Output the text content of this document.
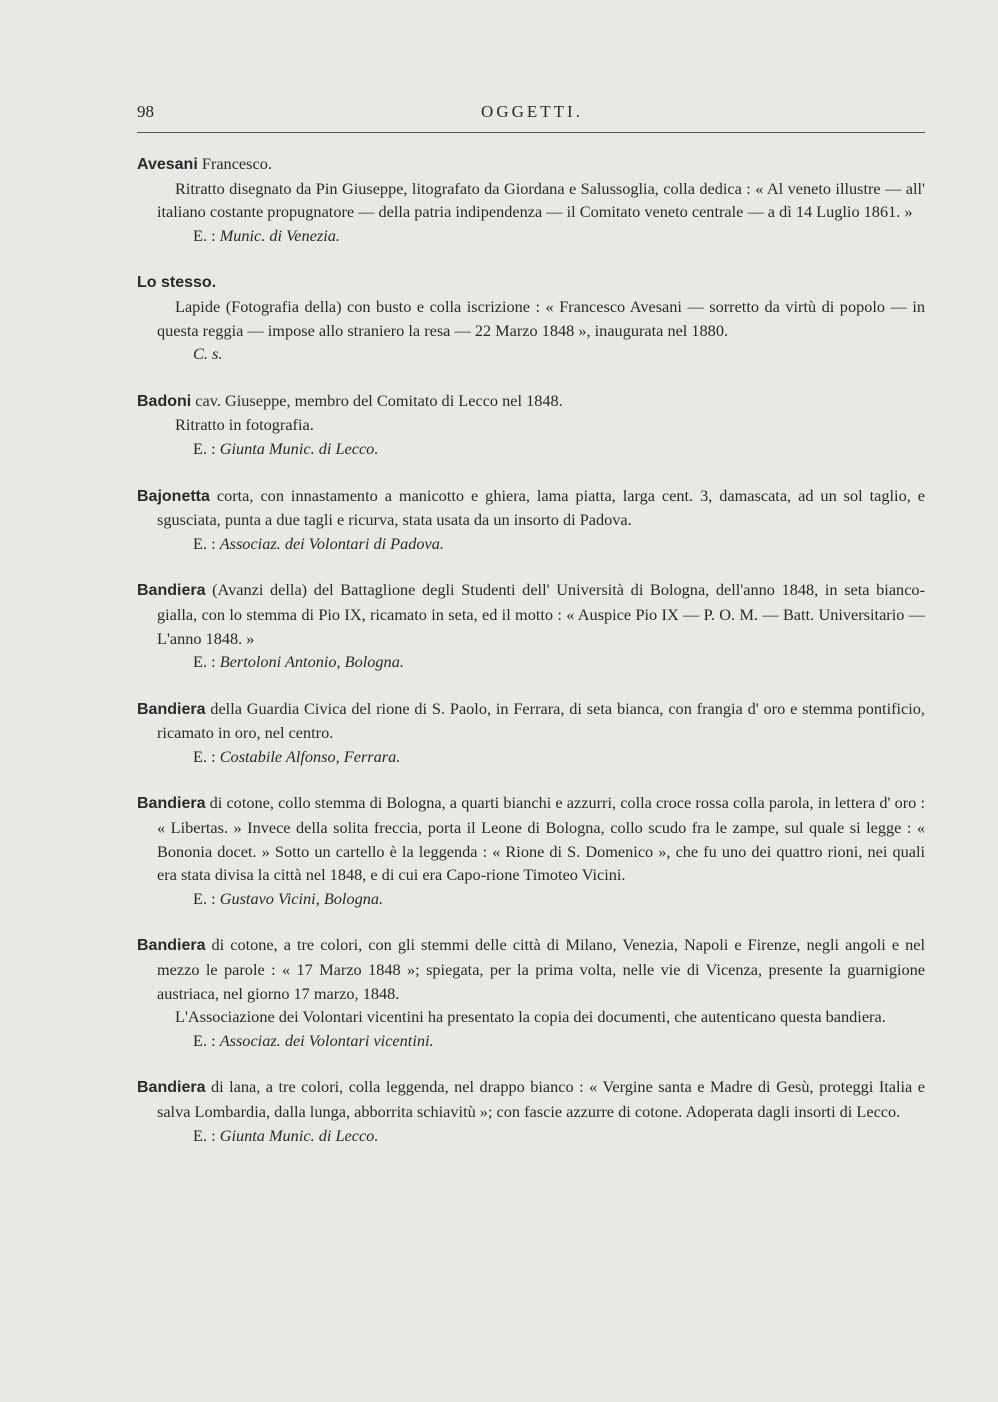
98	OGGETTI.

Avesani Francesco.

Ritratto disegnato da Pin Giuseppe, litografato da Giordana e Salussoglia, colla dedica : « Al veneto illustre — all' italiano costante propugnatore — della patria indipendenza — il Comitato veneto centrale — a dì 14 Luglio 1861. »

E. : Munic. di Venezia.

Lo stesso.

Lapide (Fotografia della) con busto e colla iscrizione : « Francesco Avesani — sorretto da virtù di popolo — in questa reggia — impose allo straniero la resa — 22 Marzo 1848 », inaugurata nel 1880.

C. s.

Badoni cav. Giuseppe, membro del Comitato di Lecco nel 1848.

Ritratto in fotografia.

E. : Giunta Munic. di Lecco.

Bajonetta corta, con innastamento a manicotto e ghiera, lama piatta, larga cent. 3, damascata, ad un sol taglio, e sgusciata, punta a due tagli e ricurva, stata usata da un insorto di Padova.

E. : Associaz. dei Volontari di Padova.

Bandiera (Avanzi della) del Battaglione degli Studenti dell' Università di Bologna, dell'anno 1848, in seta bianco-gialla, con lo stemma di Pio IX, ricamato in seta, ed il motto : « Auspice Pio IX — P. O. M. — Batt. Universitario — L'anno 1848. »

E. : Bertoloni Antonio, Bologna.

Bandiera della Guardia Civica del rione di S. Paolo, in Ferrara, di seta bianca, con frangia d' oro e stemma pontificio, ricamato in oro, nel centro.

E. : Costabile Alfonso, Ferrara.

Bandiera di cotone, collo stemma di Bologna, a quarti bianchi e azzurri, colla croce rossa colla parola, in lettera d' oro : « Libertas. » Invece della solita freccia, porta il Leone di Bologna, collo scudo fra le zampe, sul quale si legge : « Bononia docet. » Sotto un cartello è la leggenda : « Rione di S. Domenico », che fu uno dei quattro rioni, nei quali era stata divisa la città nel 1848, e di cui era Capo-rione Timoteo Vicini.

E. : Gustavo Vicini, Bologna.

Bandiera di cotone, a tre colori, con gli stemmi delle città di Milano, Venezia, Napoli e Firenze, negli angoli e nel mezzo le parole : « 17 Marzo 1848 »; spiegata, per la prima volta, nelle vie di Vicenza, presente la guarnigione austriaca, nel giorno 17 marzo, 1848.

L'Associazione dei Volontari vicentini ha presentato la copia dei documenti, che autenticano questa bandiera.

E. : Associaz. dei Volontari vicentini.

Bandiera di lana, a tre colori, colla leggenda, nel drappo bianco : « Vergine santa e Madre di Gesù, proteggi Italia e salva Lombardia, dalla lunga, abborrita schiavitù »; con fascie azzurre di cotone. Adoperata dagli insorti di Lecco.

E. : Giunta Munic. di Lecco.
